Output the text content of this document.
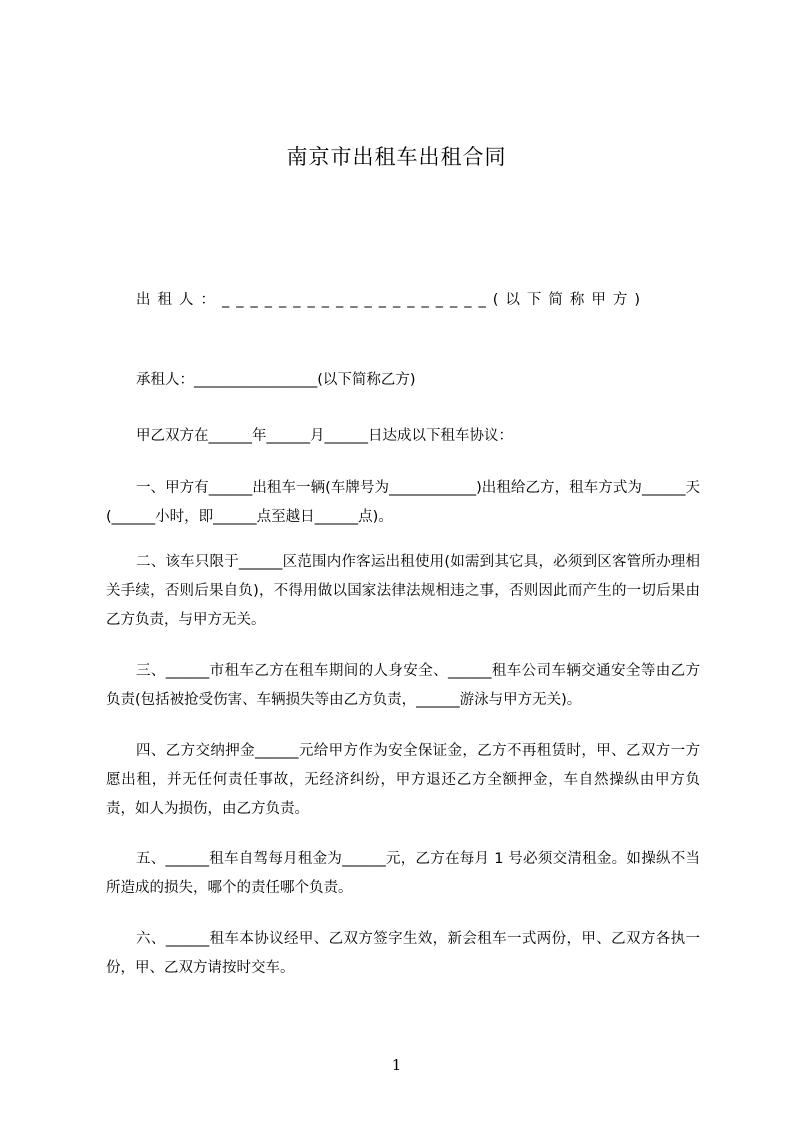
南京市出租车出租合同
出租人：___________________(以下简称甲方)
承租人：_________________(以下简称乙方)
甲乙双方在______年______月______日达成以下租车协议：

一、甲方有______出租车一辆(车牌号为____________)出租给乙方，租车方式为______天(______小时，即______点至越日______点)。

二、该车只限于______区范围内作客运出租使用(如需到其它具，必须到区客管所办理相关手续，否则后果自负)，不得用做以国家法律法规相违之事，否则因此而产生的一切后果由乙方负责，与甲方无关。

三、______市租车乙方在租车期间的人身安全、______租车公司车辆交通安全等由乙方负责(包括被抢受伤害、车辆损失等由乙方负责，______游泳与甲方无关)。

四、乙方交纳押金______元给甲方作为安全保证金，乙方不再租赁时，甲、乙双方一方愿出租，并无任何责任事故，无经济纠纷，甲方退还乙方全额押金，车自然操纵由甲方负责，如人为损伤，由乙方负责。

五、______租车自驾每月租金为______元，乙方在每月 1 号必须交清租金。如操纵不当所造成的损失，哪个的责任哪个负责。

六、______租车本协议经甲、乙双方签字生效，新会租车一式两份，甲、乙双方各执一份，甲、乙双方请按时交车。

1
